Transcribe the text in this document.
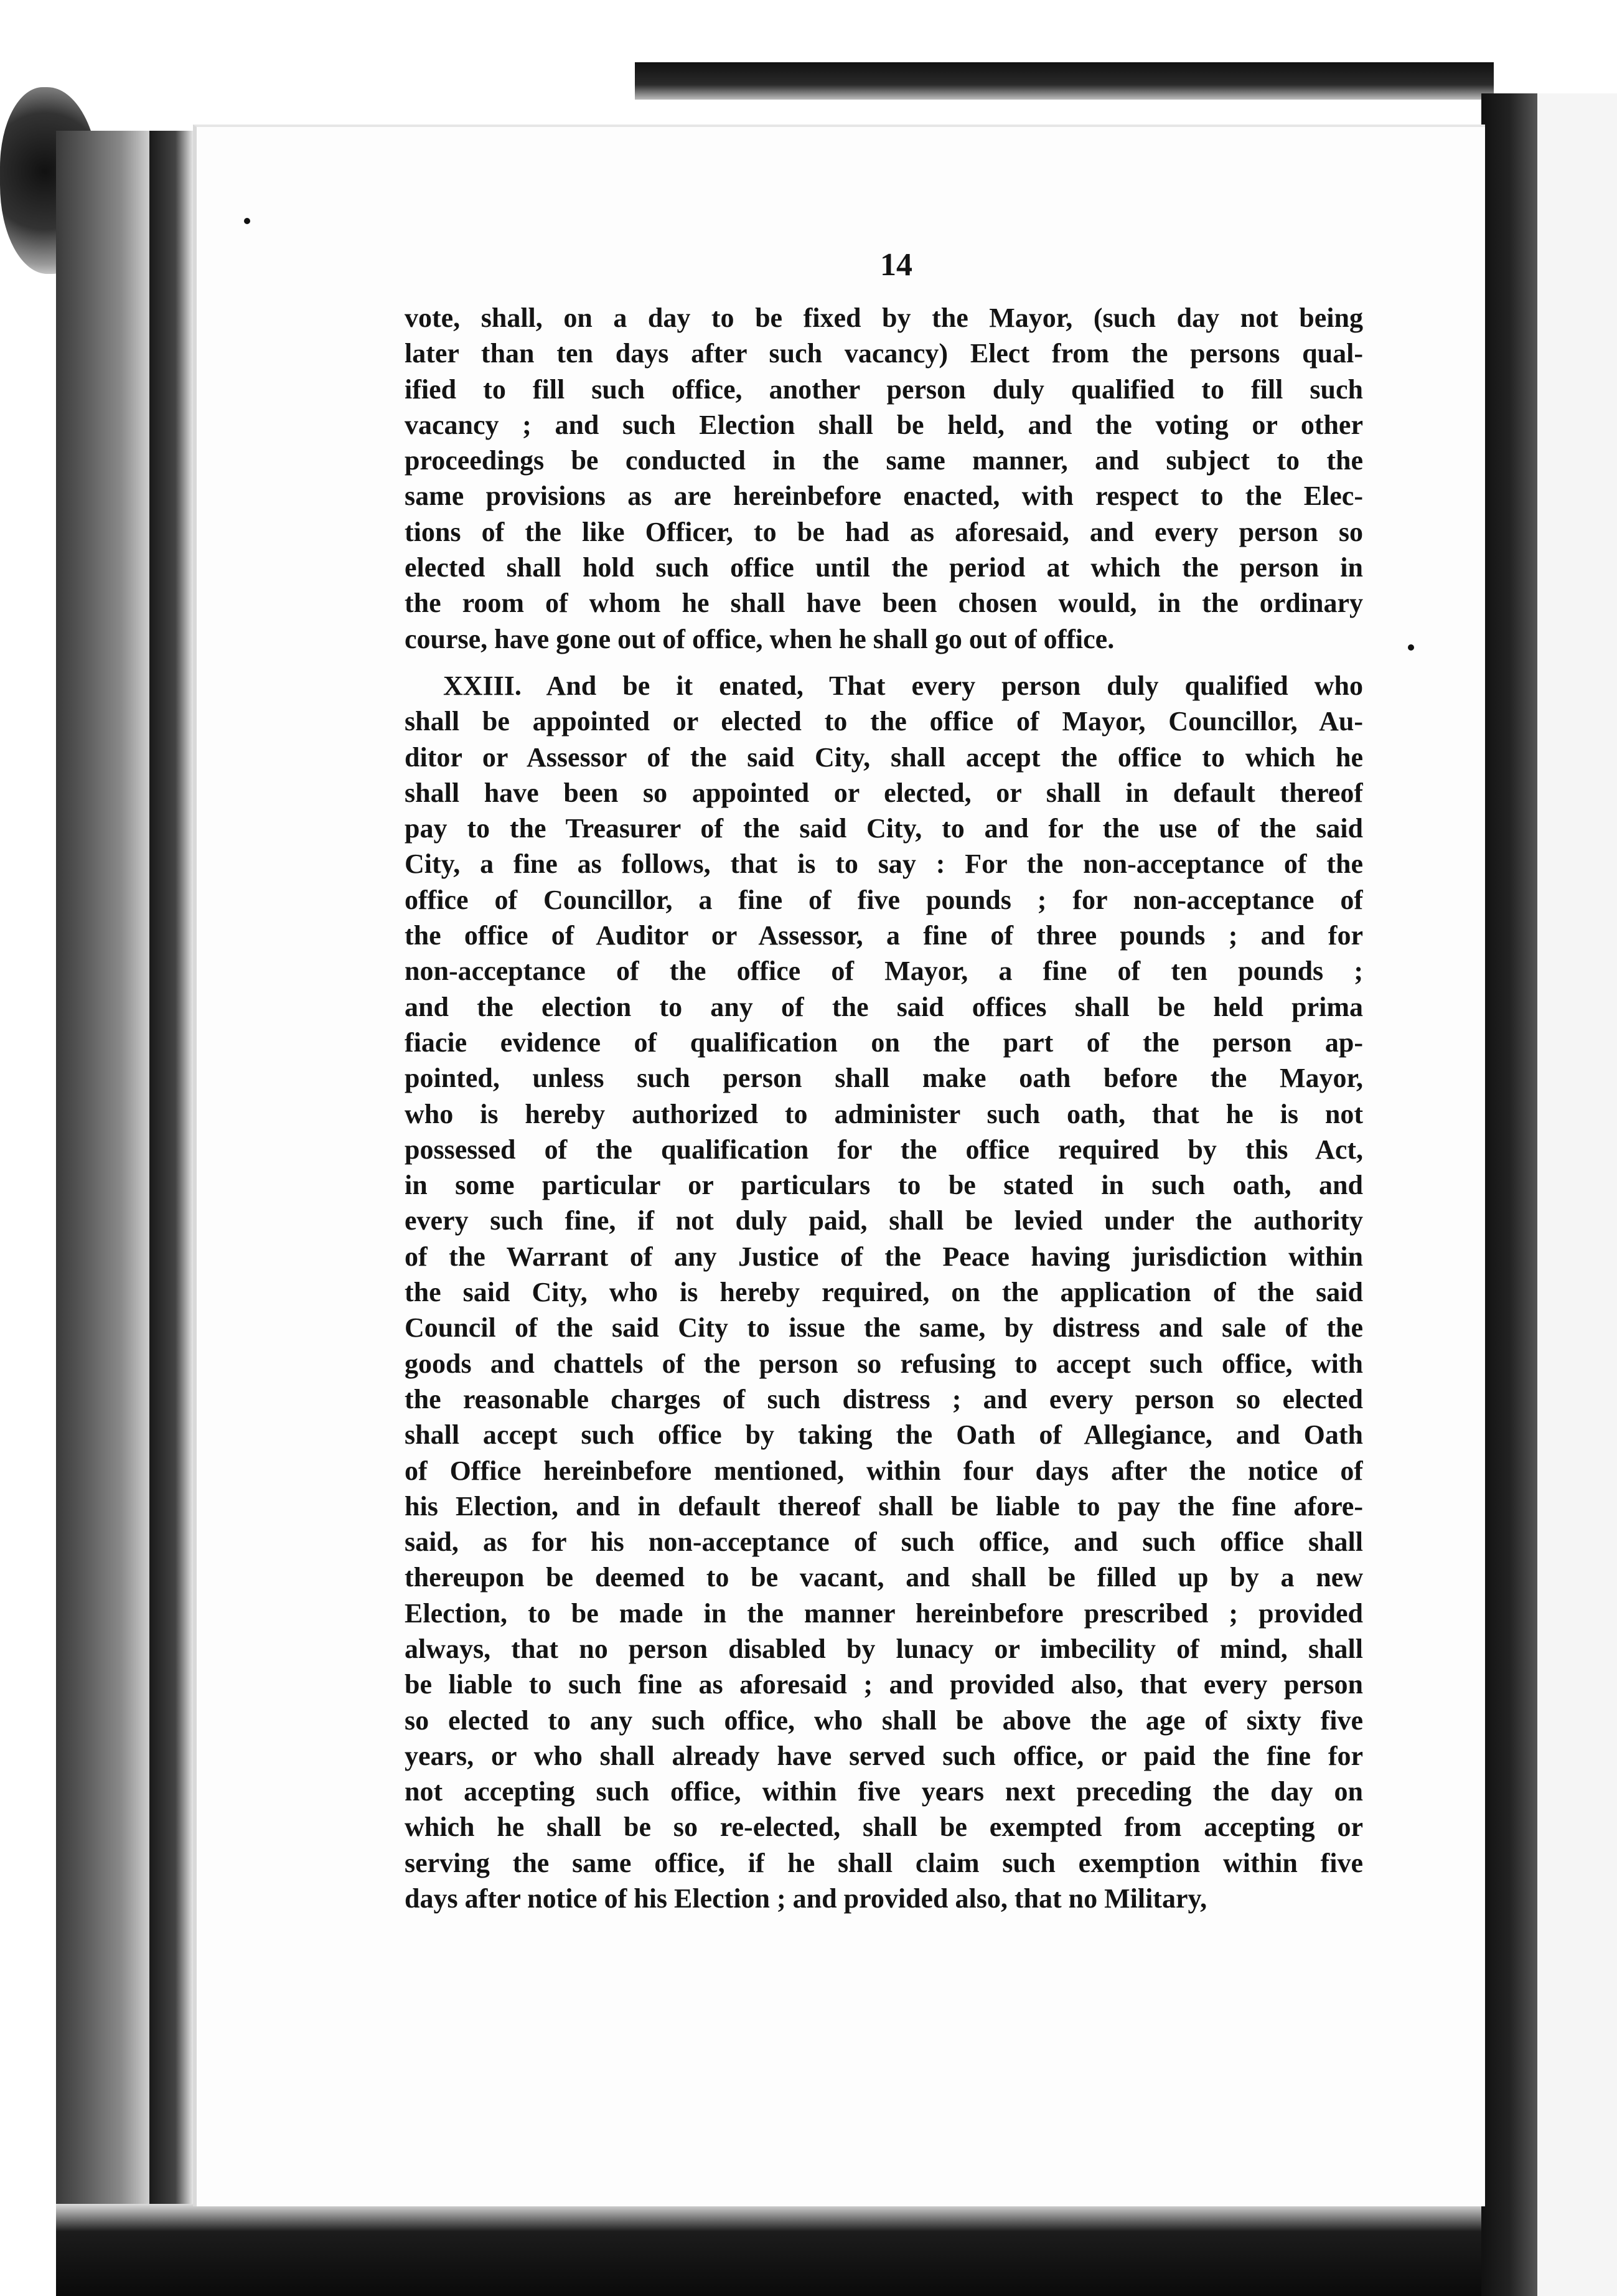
14
vote, shall, on a day to be fixed by the Mayor, (such day not being
later than ten days after such vacancy) Elect from the persons qual-
ified to fill such office, another person duly qualified to fill such
vacancy ; and such Election shall be held, and the voting or other
proceedings be conducted in the same manner, and subject to the
same provisions as are hereinbefore enacted, with respect to the Elec-
tions of the like Officer, to be had as aforesaid, and every person so
elected shall hold such office until the period at which the person in
the room of whom he shall have been chosen would, in the ordinary
course, have gone out of office, when he shall go out of office.
XXIII. And be it enated, That every person duly qualified who
shall be appointed or elected to the office of Mayor, Councillor, Au-
ditor or Assessor of the said City, shall accept the office to which he
shall have been so appointed or elected, or shall in default thereof
pay to the Treasurer of the said City, to and for the use of the said
City, a fine as follows, that is to say : For the non-acceptance of the
office of Councillor, a fine of five pounds ; for non-acceptance of
the office of Auditor or Assessor, a fine of three pounds ; and for
non-acceptance of the office of Mayor, a fine of ten pounds ;
and the election to any of the said offices shall be held prima
fiacie evidence of qualification on the part of the person ap-
pointed, unless such person shall make oath before the Mayor,
who is hereby authorized to administer such oath, that he is not
possessed of the qualification for the office required by this Act,
in some particular or particulars to be stated in such oath, and
every such fine, if not duly paid, shall be levied under the authority
of the Warrant of any Justice of the Peace having jurisdiction within
the said City, who is hereby required, on the application of the said
Council of the said City to issue the same, by distress and sale of the
goods and chattels of the person so refusing to accept such office, with
the reasonable charges of such distress ; and every person so elected
shall accept such office by taking the Oath of Allegiance, and Oath
of Office hereinbefore mentioned, within four days after the notice of
his Election, and in default thereof shall be liable to pay the fine afore-
said, as for his non-acceptance of such office, and such office shall
thereupon be deemed to be vacant, and shall be filled up by a new
Election, to be made in the manner hereinbefore prescribed ; provided
always, that no person disabled by lunacy or imbecility of mind, shall
be liable to such fine as aforesaid ; and provided also, that every person
so elected to any such office, who shall be above the age of sixty five
years, or who shall already have served such office, or paid the fine for
not accepting such office, within five years next preceding the day on
which he shall be so re-elected, shall be exempted from accepting or
serving the same office, if he shall claim such exemption within five
days after notice of his Election ; and provided also, that no Military,
